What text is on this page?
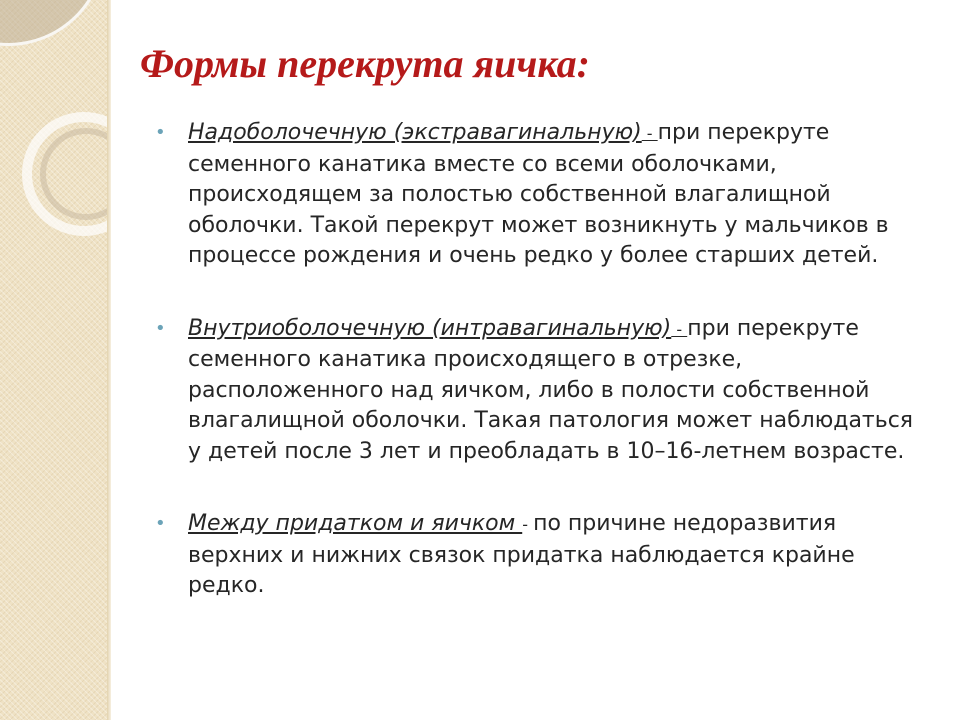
Формы перекрута яичка:
• Надоболочечную (экстравагинальную) - при перекруте семенного канатика вместе со всеми оболочками, происходящем за полостью собственной влагалищной оболочки. Такой перекрут может возникнуть у мальчиков в процессе рождения и очень редко у более старших детей.
• Внутриоболочечную (интравагинальную) - при перекруте семенного канатика происходящего в отрезке, расположенного над яичком, либо в полости собственной влагалищной оболочки. Такая патология может наблюдаться у детей после 3 лет и преобладать в 10–16-летнем возрасте.
• Между придатком и яичком - по причине недоразвития верхних и нижних связок придатка наблюдается крайне редко.
